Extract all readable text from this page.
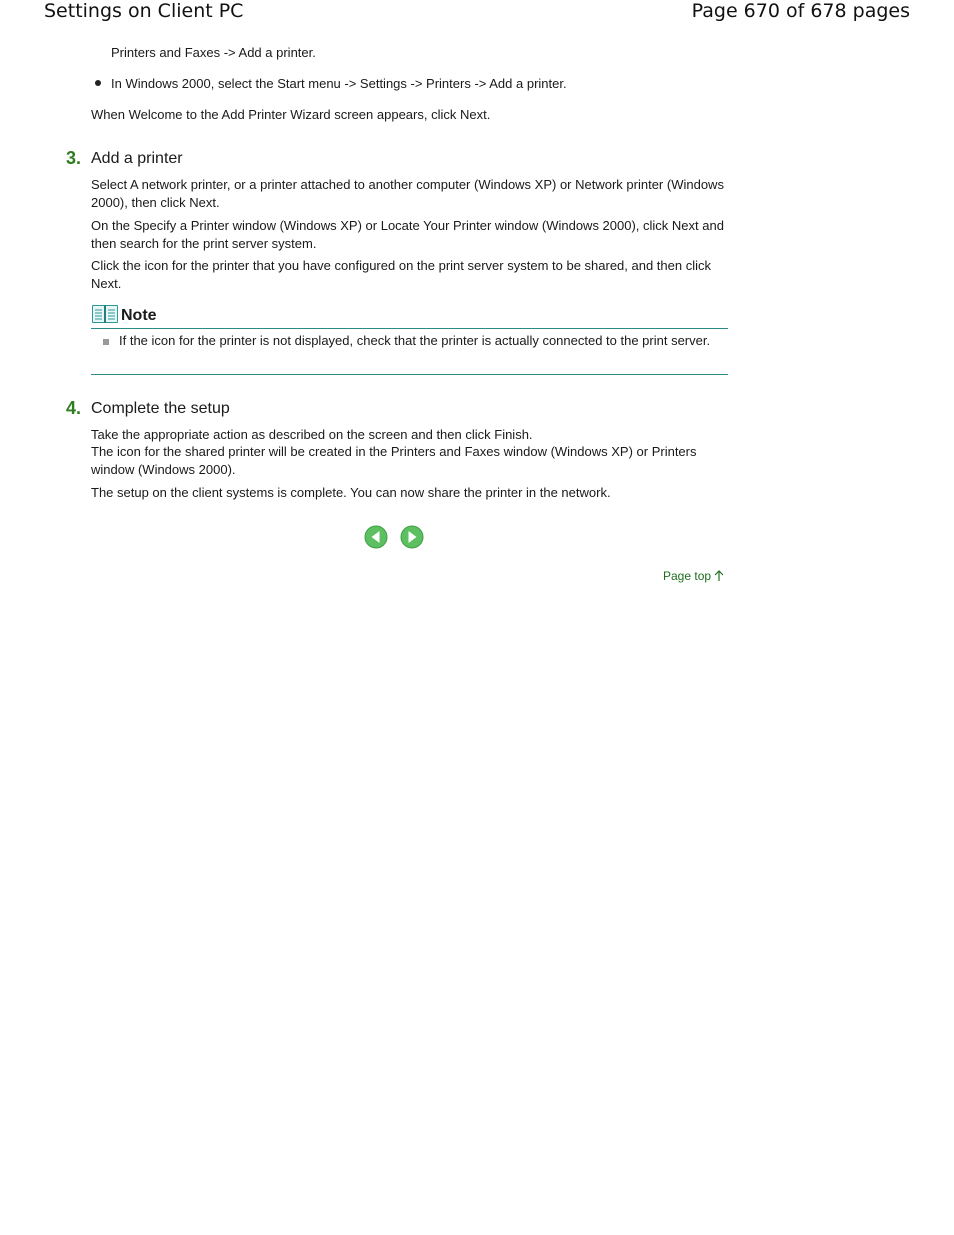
Settings on Client PC	Page 670 of 678 pages
Printers and Faxes -> Add a printer.
In Windows 2000, select the Start menu -> Settings -> Printers -> Add a printer.
When Welcome to the Add Printer Wizard screen appears, click Next.
3. Add a printer
Select A network printer, or a printer attached to another computer (Windows XP) or Network printer (Windows 2000), then click Next.
On the Specify a Printer window (Windows XP) or Locate Your Printer window (Windows 2000), click Next and then search for the print server system.
Click the icon for the printer that you have configured on the print server system to be shared, and then click Next.
Note
If the icon for the printer is not displayed, check that the printer is actually connected to the print server.
4. Complete the setup
Take the appropriate action as described on the screen and then click Finish.
The icon for the shared printer will be created in the Printers and Faxes window (Windows XP) or Printers window (Windows 2000).
The setup on the client systems is complete. You can now share the printer in the network.
Page top
